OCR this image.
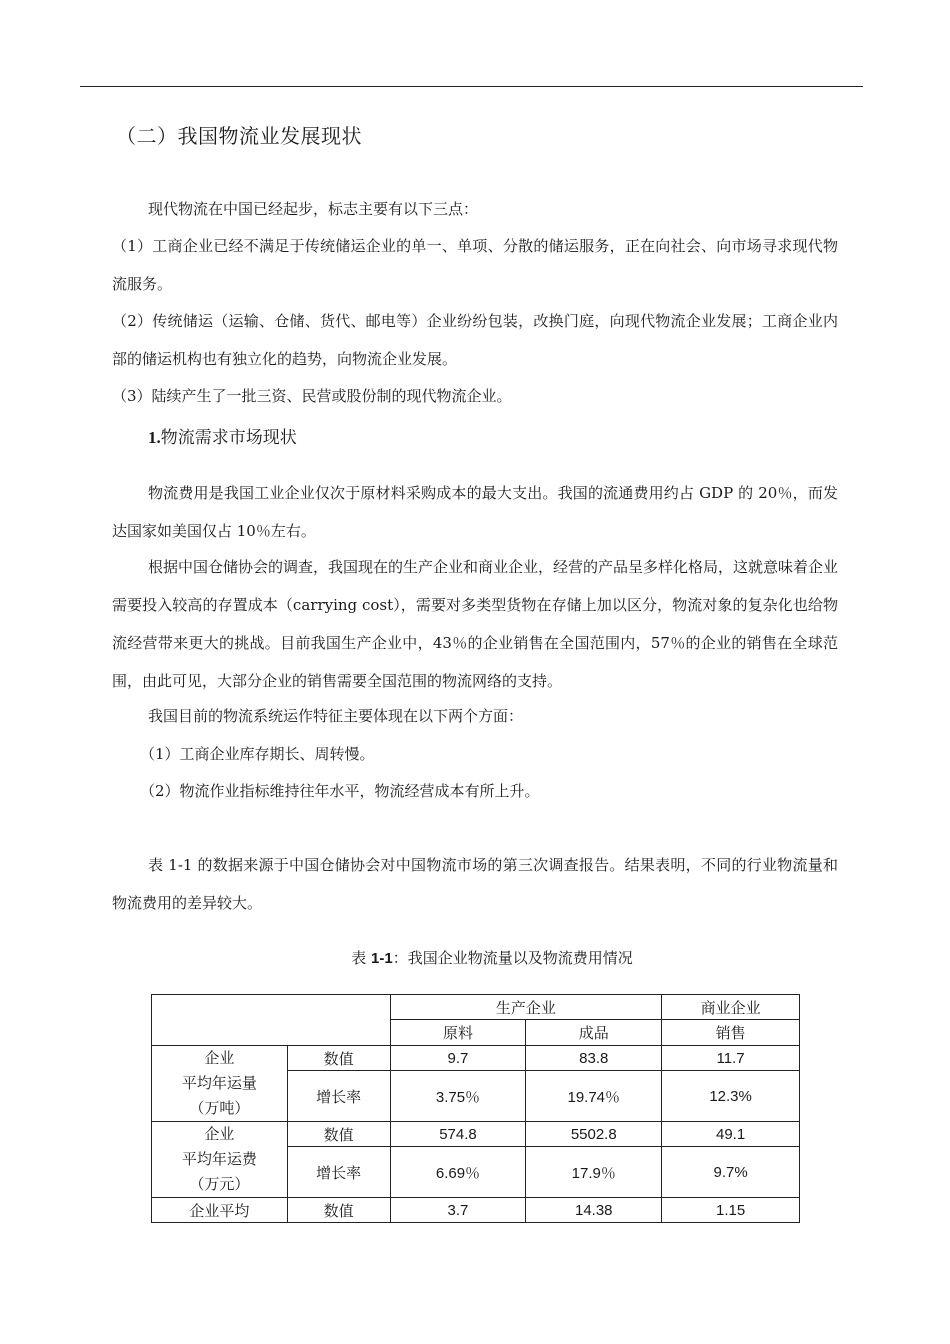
（二）我国物流业发展现状

现代物流在中国已经起步，标志主要有以下三点：

（1）工商企业已经不满足于传统储运企业的单一、单项、分散的储运服务，正在向社会、向市场寻求现代物流服务。

（2）传统储运（运输、仓储、货代、邮电等）企业纷纷包装，改换门庭，向现代物流企业发展；工商企业内部的储运机构也有独立化的趋势，向物流企业发展。

（3）陆续产生了一批三资、民营或股份制的现代物流企业。

1.物流需求市场现状

物流费用是我国工业企业仅次于原材料采购成本的最大支出。我国的流通费用约占 GDP 的 20％，而发达国家如美国仅占 10％左右。

根据中国仓储协会的调查，我国现在的生产企业和商业企业，经营的产品呈多样化格局，这就意味着企业需要投入较高的存置成本（carrying cost），需要对多类型货物在存储上加以区分，物流对象的复杂化也给物流经营带来更大的挑战。目前我国生产企业中，43％的企业销售在全国范围内，57％的企业的销售在全球范围，由此可见，大部分企业的销售需要全国范围的物流网络的支持。

我国目前的物流系统运作特征主要体现在以下两个方面：

（1）工商企业库存期长、周转慢。

（2）物流作业指标维持往年水平，物流经营成本有所上升。

表 1-1 的数据来源于中国仓储协会对中国物流市场的第三次调查报告。结果表明，不同的行业物流量和物流费用的差异较大。

表 1-1：我国企业物流量以及物流费用情况
		生产企业		商业企业
		原料	成品	销售

企业
平均年运量
（万吨）	数值	9.7	83.8	11.7
	增长率	3.75％	19.74％	12.3%

企业
平均年运费
（万元）	数值	574.8	5502.8	49.1
	增长率	6.69％	17.9％	9.7%
企业平均	数值	3.7	14.38	1.15
